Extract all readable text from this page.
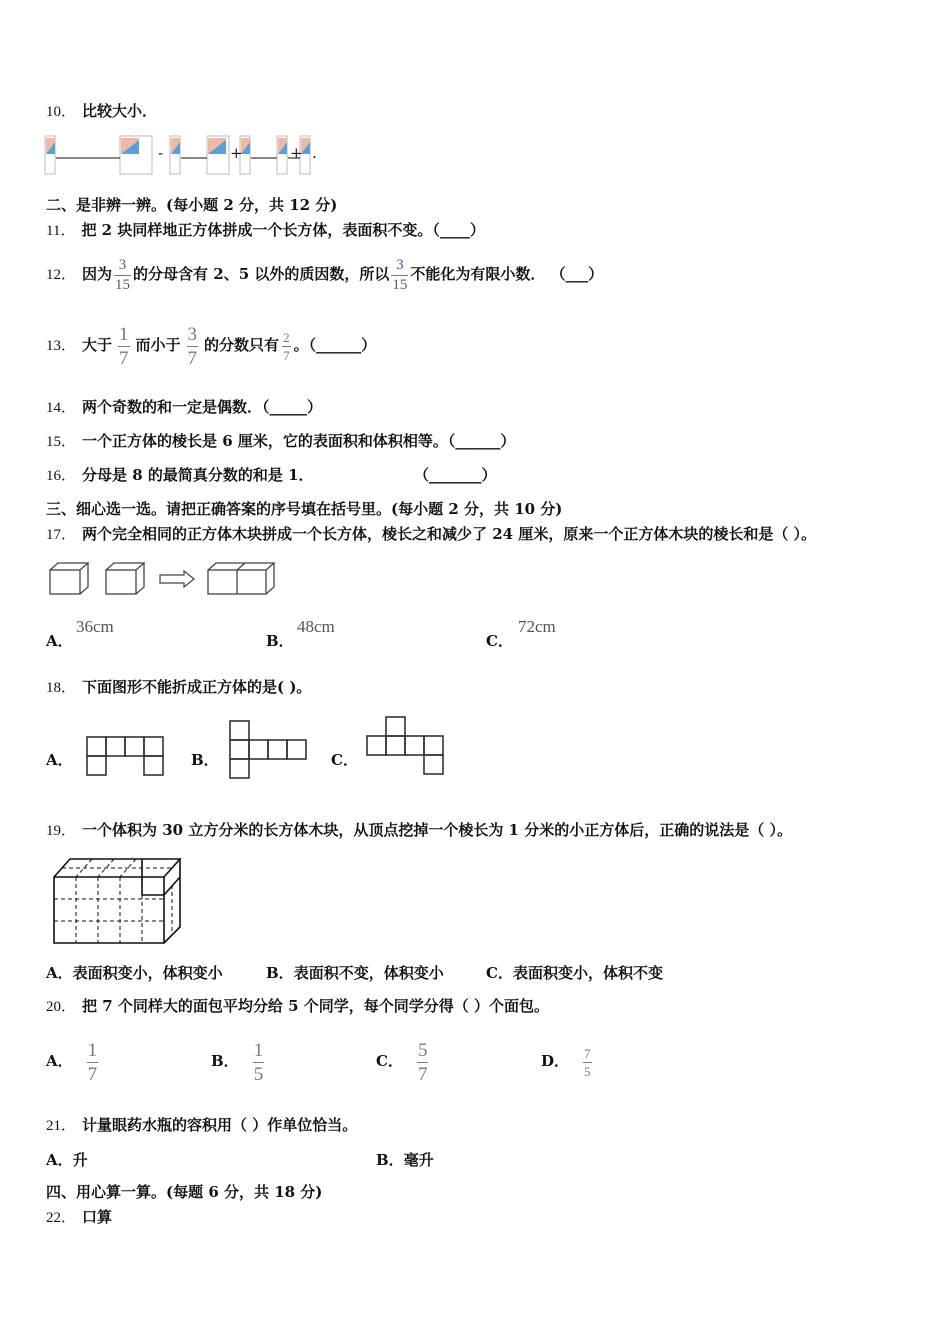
10． 比较大小．
-	+	+ .
二、是非辨一辨。(每小题 2 分，共 12 分)
11． 把 2 块同样地正方体拼成一个长方体，表面积不变。（____）
12． 因为 $\frac{3}{15}$ 的分母含有 2、5 以外的质因数，所以 $\frac{3}{15}$ 不能化为有限小数． （___）
13． 大于 $\frac{1}{7}$ 而小于 $\frac{3}{7}$ 的分数只有 $\frac{2}{7}$ 。（______）
14． 两个奇数的和一定是偶数．（_____）
15． 一个正方体的棱长是 6 厘米，它的表面积和体积相等。（______）
16． 分母是 8 的最简真分数的和是 1．	（_______）
三、细心选一选。请把正确答案的序号填在括号里。(每小题 2 分，共 10 分)
17． 两个完全相同的正方体木块拼成一个长方体，棱长之和减少了 24 厘米，原来一个正方体木块的棱长和是（ ）。
A．
36cm
B．
48cm
C．
72cm
18． 下面图形不能折成正方体的是( )。
A．	B．	C．
19． 一个体积为 30 立方分米的长方体木块，从顶点挖掉一个棱长为 1 分米的小正方体后，正确的说法是（ ）。
A．表面积变小，体积变小	B．表面积不变，体积变小	C．表面积变小，体积不变
20． 把 7 个同样大的面包平均分给 5 个同学，每个同学分得（ ）个面包。
A． $\frac{1}{7}$	B． $\frac{1}{5}$	C． $\frac{5}{7}$	D． $\frac{7}{5}$
21． 计量眼药水瓶的容积用（ ）作单位恰当。
A．升	B．毫升
四、用心算一算。(每题 6 分，共 18 分)
22． 口算
